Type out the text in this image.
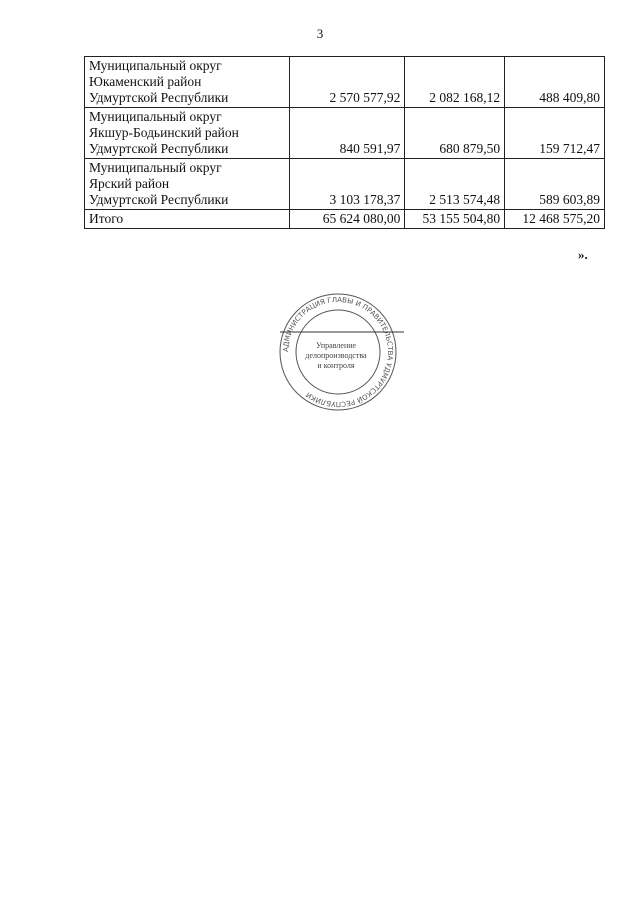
3
Муниципальный округ
Юкаменский район
Удмуртской Республики	2 570 577,92	2 082 168,12	488 409,80
Муниципальный округ
Якшур-Бодьинский район
Удмуртской Республики	840 591,97	680 879,50	159 712,47
Муниципальный округ
Ярский район
Удмуртской Республики	3 103 178,37	2 513 574,48	589 603,89
Итого	65 624 080,00	53 155 504,80	12 468 575,20
».
АДМИНИСТРАЦИЯ ГЛАВЫ И ПРАВИТЕЛЬСТВА УДМУРТСКОЙ РЕСПУБЛИКИ
Управление
делопроизводства
и контроля
